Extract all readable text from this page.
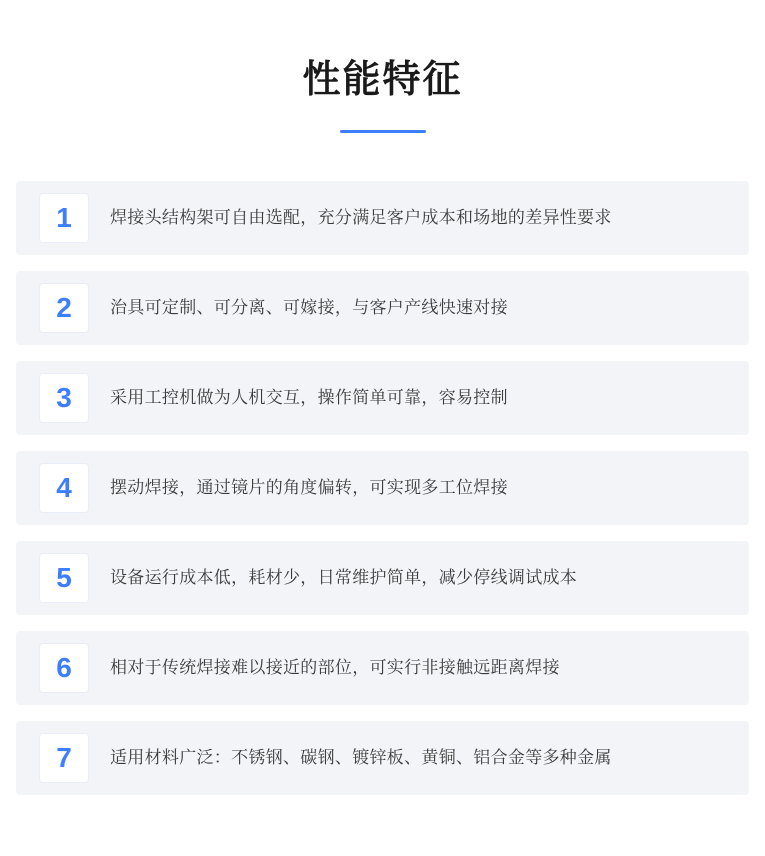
性能特征
1	焊接头结构架可自由选配，充分满足客户成本和场地的差异性要求
2	治具可定制、可分离、可嫁接，与客户产线快速对接
3	采用工控机做为人机交互，操作简单可靠，容易控制
4	摆动焊接，通过镜片的角度偏转，可实现多工位焊接
5	设备运行成本低，耗材少，日常维护简单，减少停线调试成本
6	相对于传统焊接难以接近的部位，可实行非接触远距离焊接
7	适用材料广泛：不锈钢、碳钢、镀锌板、黄铜、铝合金等多种金属
